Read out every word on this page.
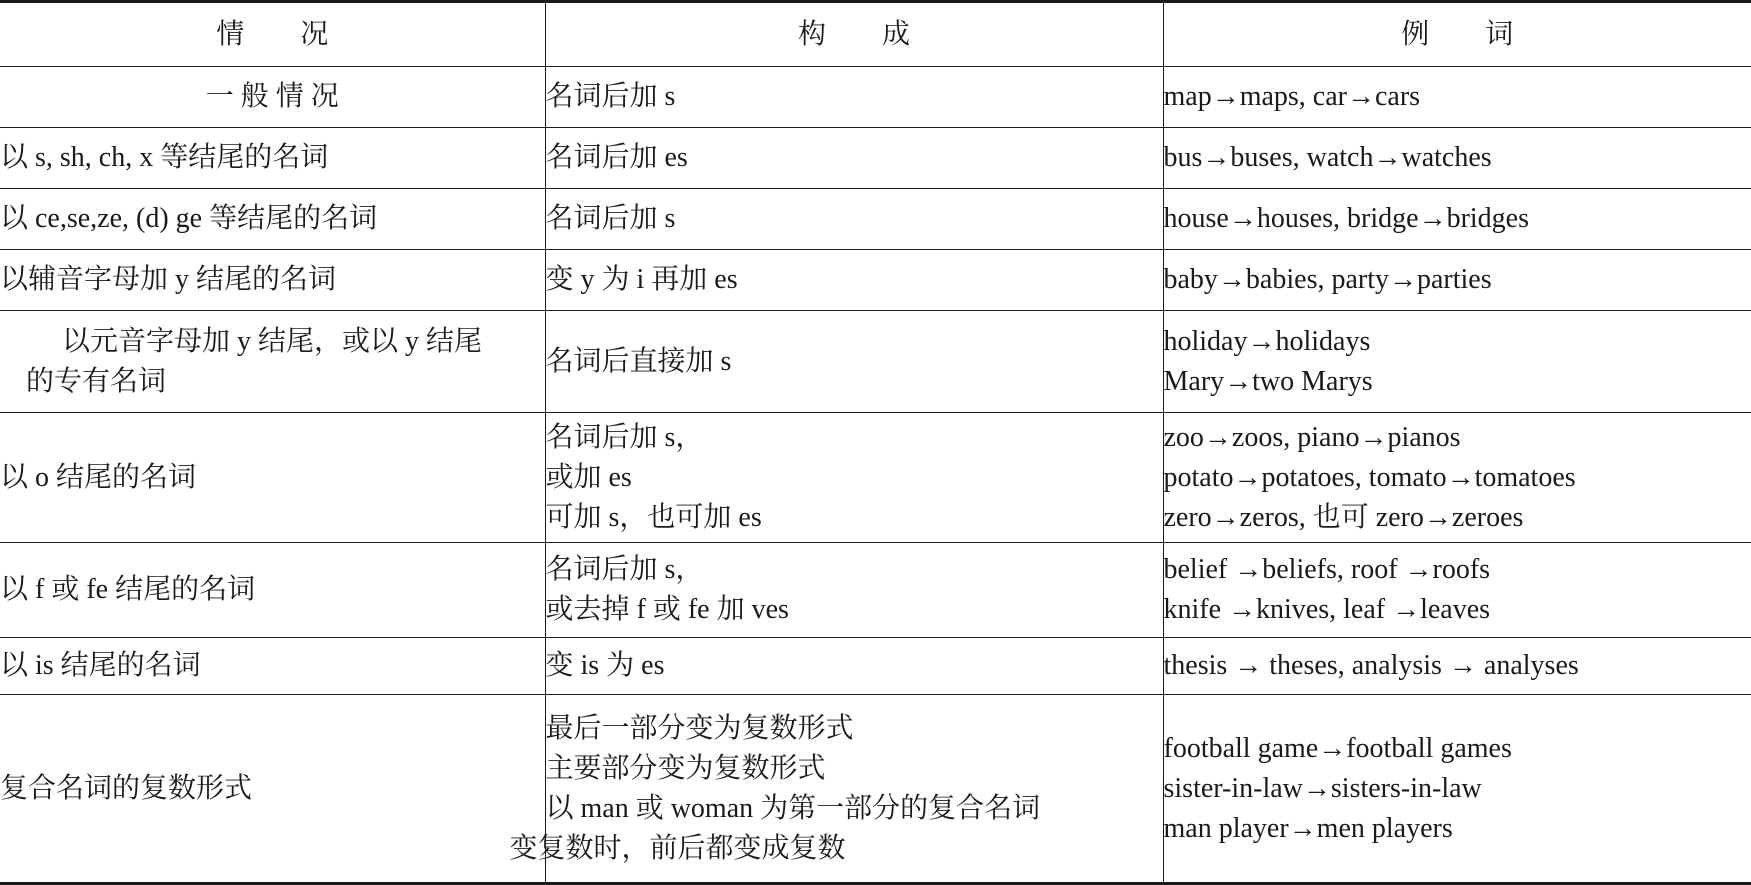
情　　况	构　　成	例　　词

一 般 情 况	名词后加 s	map→maps, car→cars

以 s, sh, ch, x 等结尾的名词	名词后加 es	bus→buses, watch→watches

以 ce,se,ze, (d) ge 等结尾的名词	名词后加 s	house→houses, bridge→bridges

以辅音字母加 y 结尾的名词	变 y 为 i 再加 es	baby→babies, party→parties

以元音字母加 y 结尾，或以 y 结尾
的专有名词	名词后直接加 s	holiday→holidays
Mary→two Marys

以 o 结尾的名词	名词后加 s，
或加 es
可加 s，也可加 es	zoo→zoos, piano→pianos
potato→potatoes, tomato→tomatoes
zero→zeros, 也可 zero→zeroes

以 f 或 fe 结尾的名词	名词后加 s，
或去掉 f 或 fe 加 ves	belief →beliefs, roof →roofs
knife →knives, leaf →leaves

以 is 结尾的名词	变 is 为 es	thesis → theses, analysis → analyses

复合名词的复数形式	最后一部分变为复数形式
主要部分变为复数形式
以 man 或 woman 为第一部分的复合名词
变复数时，前后都变成复数	football game→football games
sister-in-law→sisters-in-law
man player→men players
